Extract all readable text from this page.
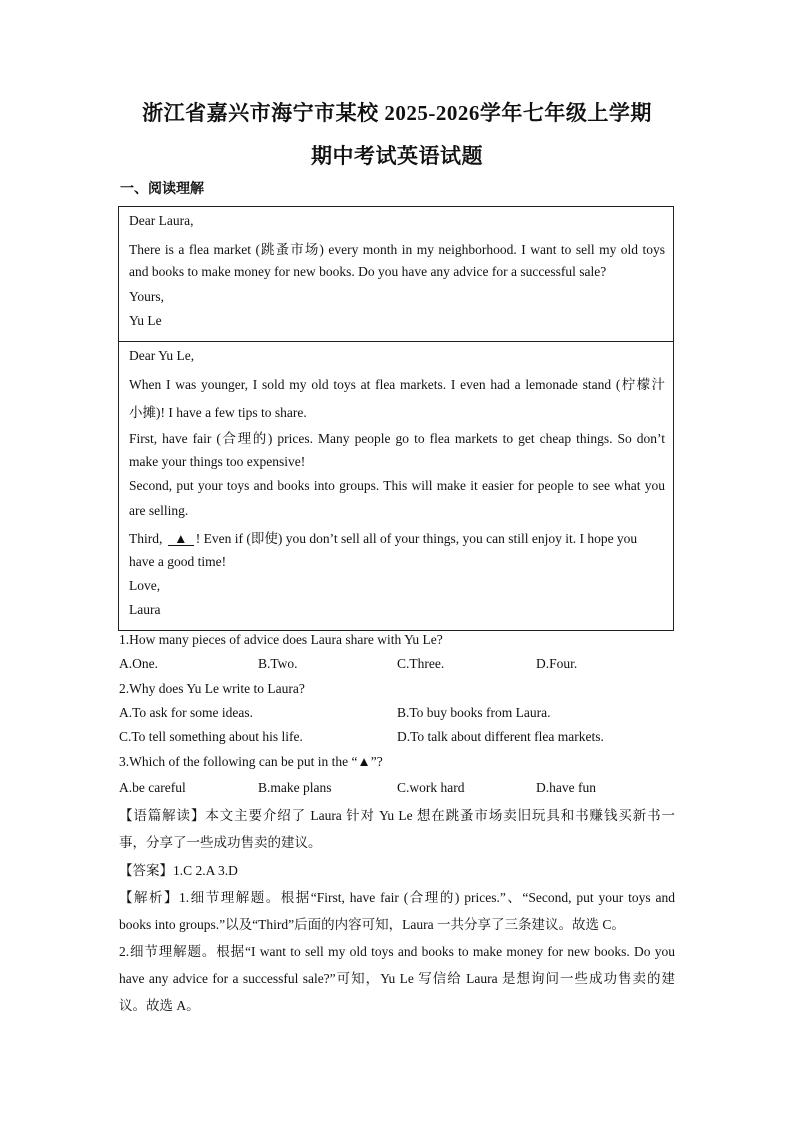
浙江省嘉兴市海宁市某校 2025-2026学年七年级上学期
期中考试英语试题
一、阅读理解
Dear Laura,
There is a flea market (跳蚤市场) every month in my neighborhood. I want to sell my old toys
and books to make money for new books. Do you have any advice for a successful sale?
Yours,
Yu Le
Dear Yu Le,
When I was younger, I sold my old toys at flea markets. I even had a lemonade stand (柠檬汁
小摊)! I have a few tips to share.
First, have fair (合理的) prices. Many people go to flea markets to get cheap things. So don’t
make your things too expensive!
Second, put your toys and books into groups. This will make it easier for people to see what you
are selling.
Third, ▲ ! Even if (即使) you don’t sell all of your things, you can still enjoy it. I hope you
have a good time!
Love,
Laura
1.How many pieces of advice does Laura share with Yu Le?
A.One.	B.Two.	C.Three.	D.Four.
2.Why does Yu Le write to Laura?
A.To ask for some ideas.	B.To buy books from Laura.
C.To tell something about his life.	D.To talk about different flea markets.
3.Which of the following can be put in the “▲”?
A.be careful	B.make plans	C.work hard	D.have fun
【语篇解读】本文主要介绍了 Laura 针对 Yu Le 想在跳蚤市场卖旧玩具和书赚钱买新书一
事，分享了一些成功售卖的建议。
【答案】1.C 2.A 3.D
【解析】1.细节理解题。根据“First, have fair (合理的) prices.”、“Second, put your toys and
books into groups.”以及“Third”后面的内容可知，Laura 一共分享了三条建议。故选 C。
2.细节理解题。根据“I want to sell my old toys and books to make money for new books. Do you
have any advice for a successful sale?”可知，Yu Le 写信给 Laura 是想询问一些成功售卖的建
议。故选 A。
